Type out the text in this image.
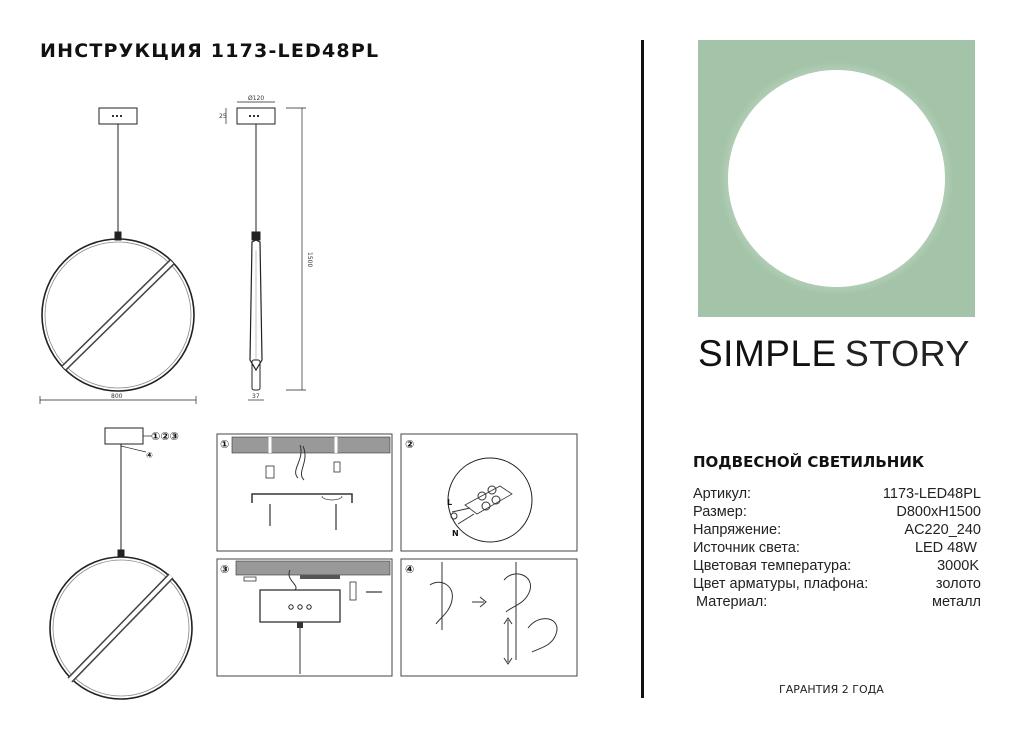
ИНСТРУКЦИЯ 1173-LED48PL
800
Ø120
25
1500
37
①②③
④
①
L
N
②
③	④
SIMPLE STORY
ПОДВЕСНОЙ СВЕТИЛЬНИК
Артикул:	1173-LED48PL
Размер:	D800xH1500
Напряжение:	AC220_240
Источник света:	LED 48W
Цветовая температура:	3000K
Цвет арматуры, плафона:	золото
Материал:	металл
ГАРАНТИЯ 2 ГОДА
